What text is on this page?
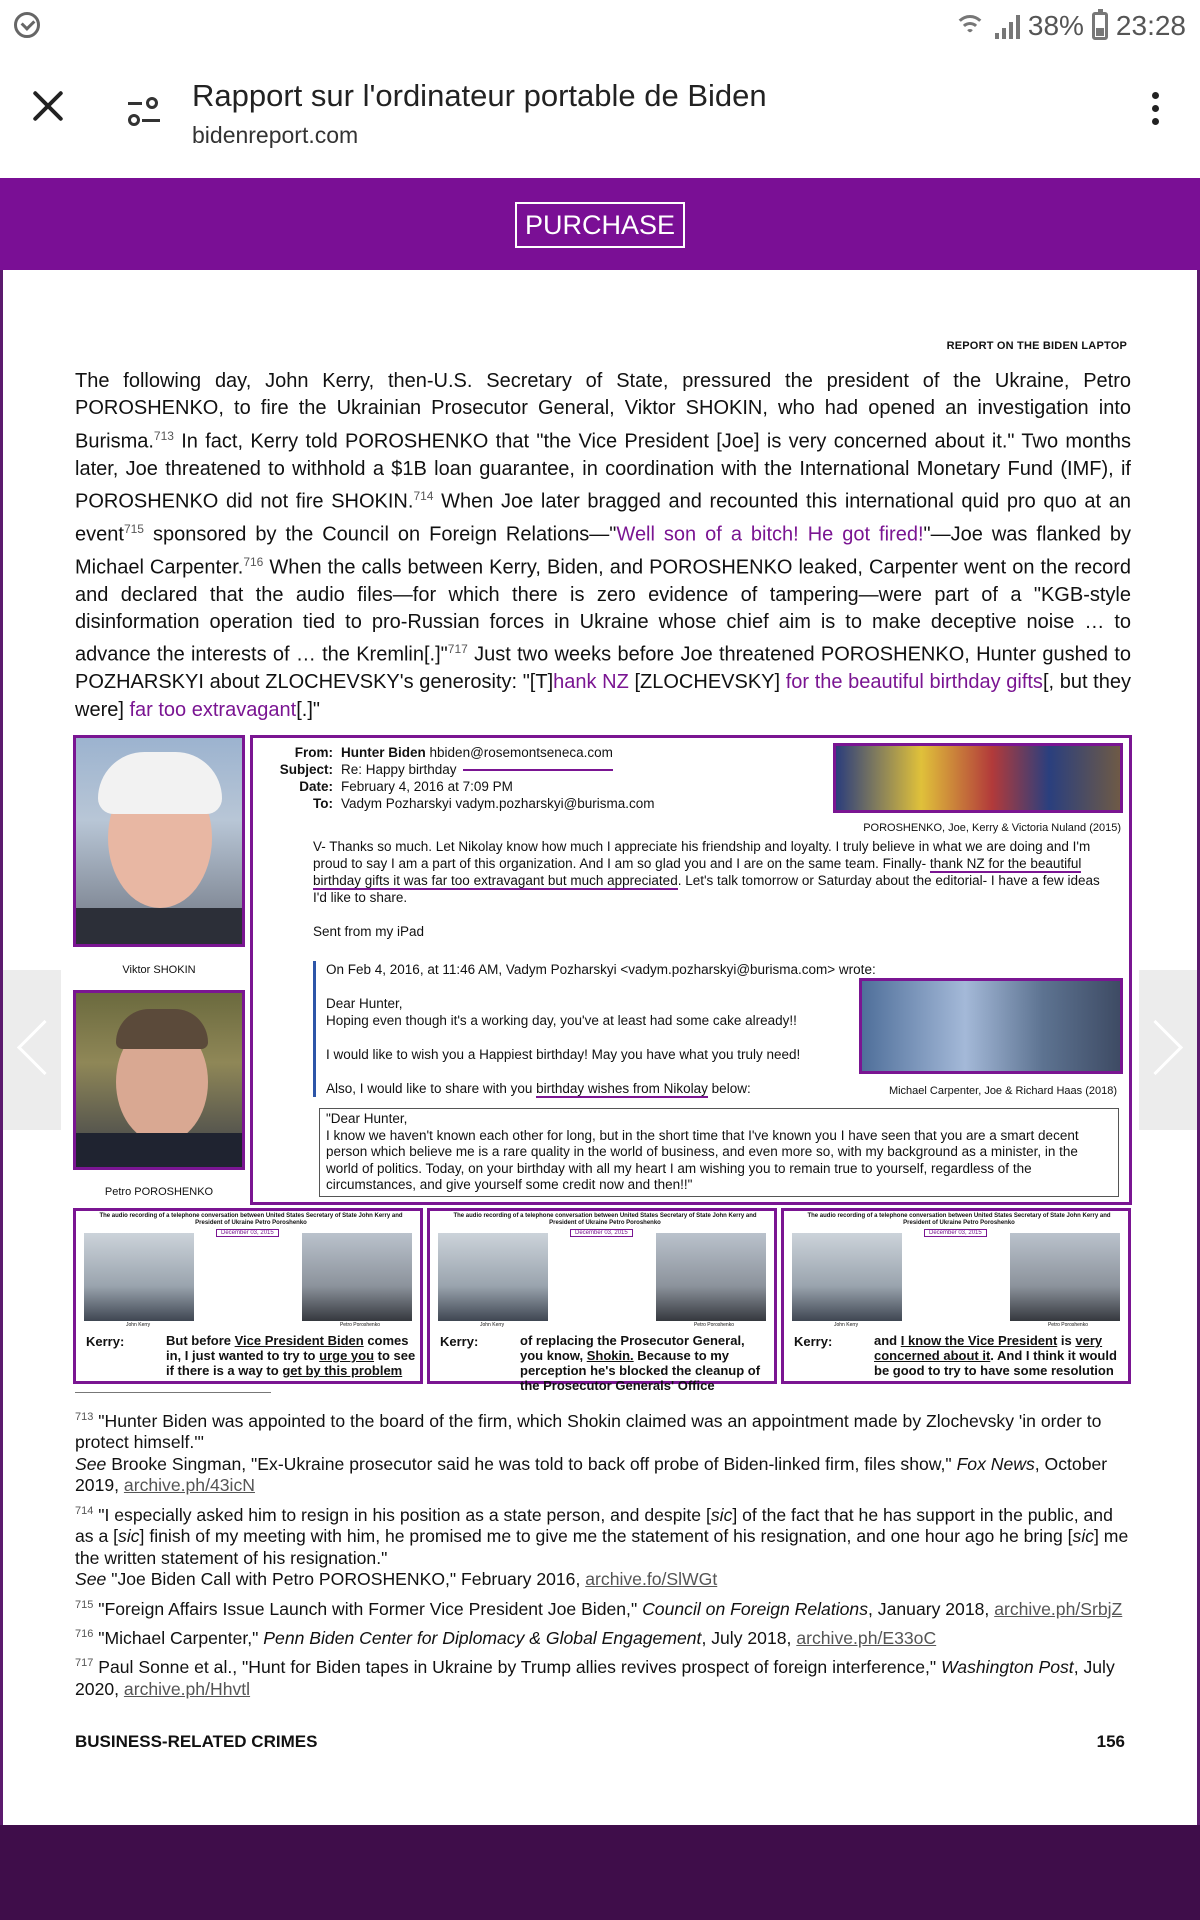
38% 23:28
Rapport sur l'ordinateur portable de Biden
bidenreport.com
PURCHASE
REPORT ON THE BIDEN LAPTOP
The following day, John Kerry, then-U.S. Secretary of State, pressured the president of the Ukraine, Petro POROSHENKO, to fire the Ukrainian Prosecutor General, Viktor SHOKIN, who had opened an investigation into Burisma.$^{713}$ In fact, Kerry told POROSHENKO that "the Vice President [Joe] is very concerned about it." Two months later, Joe threatened to withhold a $1B loan guarantee, in coordination with the International Monetary Fund (IMF), if POROSHENKO did not fire SHOKIN.$^{714}$ When Joe later bragged and recounted this international quid pro quo at an event$^{715}$ sponsored by the Council on Foreign Relations—"Well son of a bitch! He got fired!"—Joe was flanked by Michael Carpenter.$^{716}$ When the calls between Kerry, Biden, and POROSHENKO leaked, Carpenter went on the record and declared that the audio files—for which there is zero evidence of tampering—were part of a "KGB-style disinformation operation tied to pro-Russian forces in Ukraine whose chief aim is to make deceptive noise … to advance the interests of … the Kremlin[.]"$^{717}$ Just two weeks before Joe threatened POROSHENKO, Hunter gushed to POZHARSKYI about ZLOCHEVSKY's generosity: "[T]hank NZ [ZLOCHEVSKY] for the beautiful birthday gifts[, but they were] far too extravagant[.]"
Viktor SHOKIN
Petro POROSHENKO
From: Hunter Biden
hbiden@rosemontseneca.com
Subject: Re: Happy birthday
Date: February 4, 2016 at 7:09 PM
To: Vadym Pozharskyi vadym.pozharskyi@burisma.com
POROSHENKO, Joe, Kerry & Victoria Nuland (2015)

V- Thanks so much. Let Nikolay know how much I appreciate his friendship and loyalty. I truly believe in what we are doing and I'm proud to say I am a part of this organization. And I am so glad you and I are on the same team. Finally- thank NZ for the beautiful birthday gifts it was far too extravagant but much appreciated. Let's talk tomorrow or Saturday about the editorial- I have a few ideas I'd like to share.

Sent from my iPad

On Feb 4, 2016, at 11:46 AM, Vadym Pozharskyi <vadym.pozharskyi@burisma.com> wrote:

Dear Hunter,

Hoping even though it's a working day, you've at least had some cake already!!

I would like to wish you a Happiest birthday! May you have what you truly need!

Also, I would like to share with you birthday wishes from Nikolay below:	Michael Carpenter, Joe & Richard Haas (2018)
"Dear Hunter,
I know we haven't known each other for long, but in the short time that I've known you I have seen that you are a smart decent person which believe me is a rare quality in the world of business, and even more so, with my background as a minister, in the world of politics. Today, on your birthday with all my heart I am wishing you to remain true to yourself, regardless of the circumstances, and give yourself some credit now and then!!"
The audio recording of a telephone conversation between United States Secretary of State John Kerry and President of Ukraine Petro Poroshenko
December 03, 2015
John Kerry	Petro Poroshenko
Kerry:	But before Vice President Biden comes in, I just wanted to try to urge you to see if there is a way to get by this problem
The audio recording of a telephone conversation between United States Secretary of State John Kerry and President of Ukraine Petro Poroshenko
December 03, 2015
John Kerry	Petro Poroshenko
Kerry:	of replacing the Prosecutor General, you know, Shokin. Because to my perception he's blocked the cleanup of the Prosecutor Generals' Office
The audio recording of a telephone conversation between United States Secretary of State John Kerry and President of Ukraine Petro Poroshenko
December 03, 2015
John Kerry	Petro Poroshenko
Kerry:	and I know the Vice President is very concerned about it. And I think it would be good to try to have some resolution
$^{713}$ "Hunter Biden was appointed to the board of the firm, which Shokin claimed was an appointment made by Zlochevsky 'in order to protect himself.'"
See Brooke Singman, "Ex-Ukraine prosecutor said he was told to back off probe of Biden-linked firm, files show," Fox News, October 2019, archive.ph/43icN
$^{714}$ "I especially asked him to resign in his position as a state person, and despite [sic] of the fact that he has support in the public, and as a [sic] finish of my meeting with him, he promised me to give me the statement of his resignation, and one hour ago he bring [sic] me the written statement of his resignation."
See "Joe Biden Call with Petro POROSHENKO," February 2016, archive.fo/SlWGt
$^{715}$ "Foreign Affairs Issue Launch with Former Vice President Joe Biden," Council on Foreign Relations, January 2018, archive.ph/SrbjZ
$^{716}$ "Michael Carpenter," Penn Biden Center for Diplomacy & Global Engagement, July 2018, archive.ph/E33oC
$^{717}$ Paul Sonne et al., "Hunt for Biden tapes in Ukraine by Trump allies revives prospect of foreign interference," Washington Post, July 2020, archive.ph/Hhvtl
BUSINESS-RELATED CRIMES	156
